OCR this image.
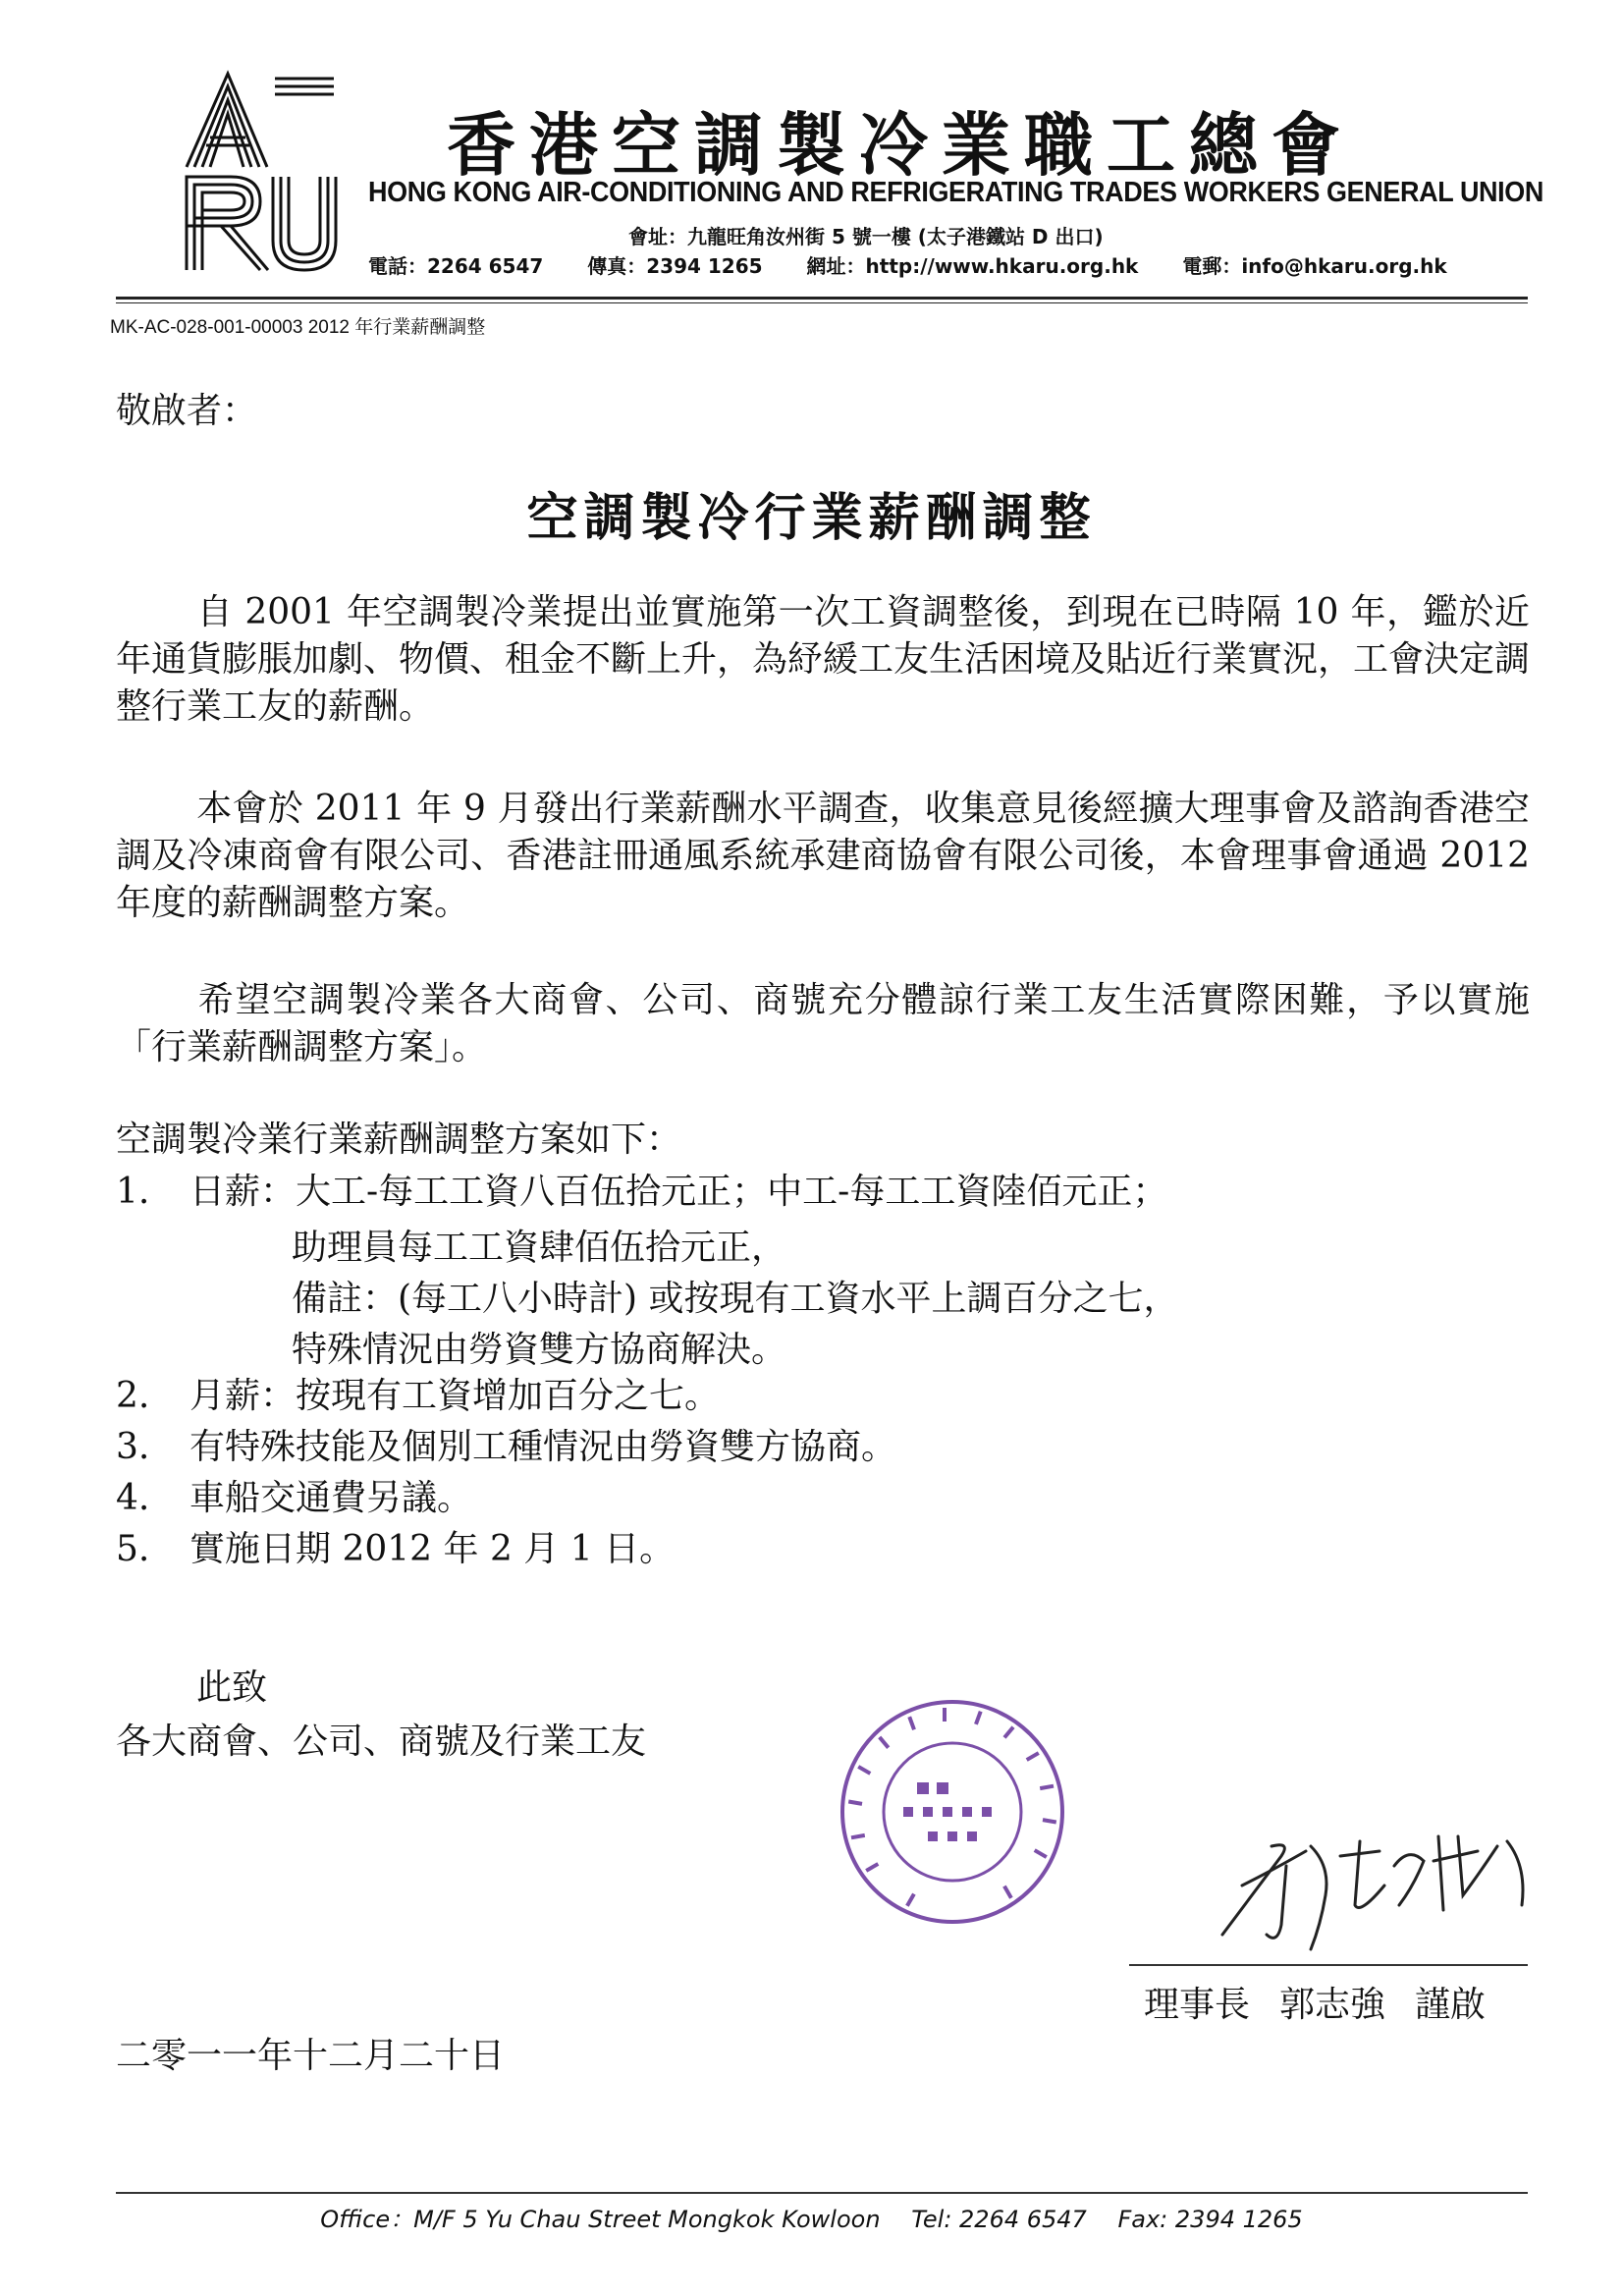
香港空調製冷業職工總會
HONG KONG AIR-CONDITIONING AND REFRIGERATING TRADES WORKERS GENERAL UNION
會址：九龍旺角汝州街 5 號一樓 (太子港鐵站 D 出口)
電話：2264 6547 傳真：2394 1265 網址：http://www.hkaru.org.hk 電郵：info@hkaru.org.hk
MK-AC-028-001-00003 2012 年行業薪酬調整
敬啟者：
空調製冷行業薪酬調整
自 2001 年空調製冷業提出並實施第一次工資調整後，到現在已時隔 10 年，鑑於近年通貨膨脹加劇、物價、租金不斷上升，為紓緩工友生活困境及貼近行業實況，工會決定調整行業工友的薪酬。
本會於 2011 年 9 月發出行業薪酬水平調查，收集意見後經擴大理事會及諮詢香港空調及冷凍商會有限公司、香港註冊通風系統承建商協會有限公司後，本會理事會通過 2012 年度的薪酬調整方案。
希望空調製冷業各大商會、公司、商號充分體諒行業工友生活實際困難，予以實施「行業薪酬調整方案」。
空調製冷業行業薪酬調整方案如下：
1. 日薪：大工-每工工資八百伍拾元正；中工-每工工資陸佰元正；
助理員每工工資肆佰伍拾元正，
備註：(每工八小時計) 或按現有工資水平上調百分之七，
特殊情況由勞資雙方協商解決。
2. 月薪：按現有工資增加百分之七。
3. 有特殊技能及個別工種情況由勞資雙方協商。
4. 車船交通費另議。
5. 實施日期 2012 年 2 月 1 日。
此致
各大商會、公司、商號及行業工友
理事長 郭志強 謹啟
二零一一年十二月二十日
Office：M/F 5 Yu Chau Street Mongkok Kowloon Tel: 2264 6547 Fax: 2394 1265
